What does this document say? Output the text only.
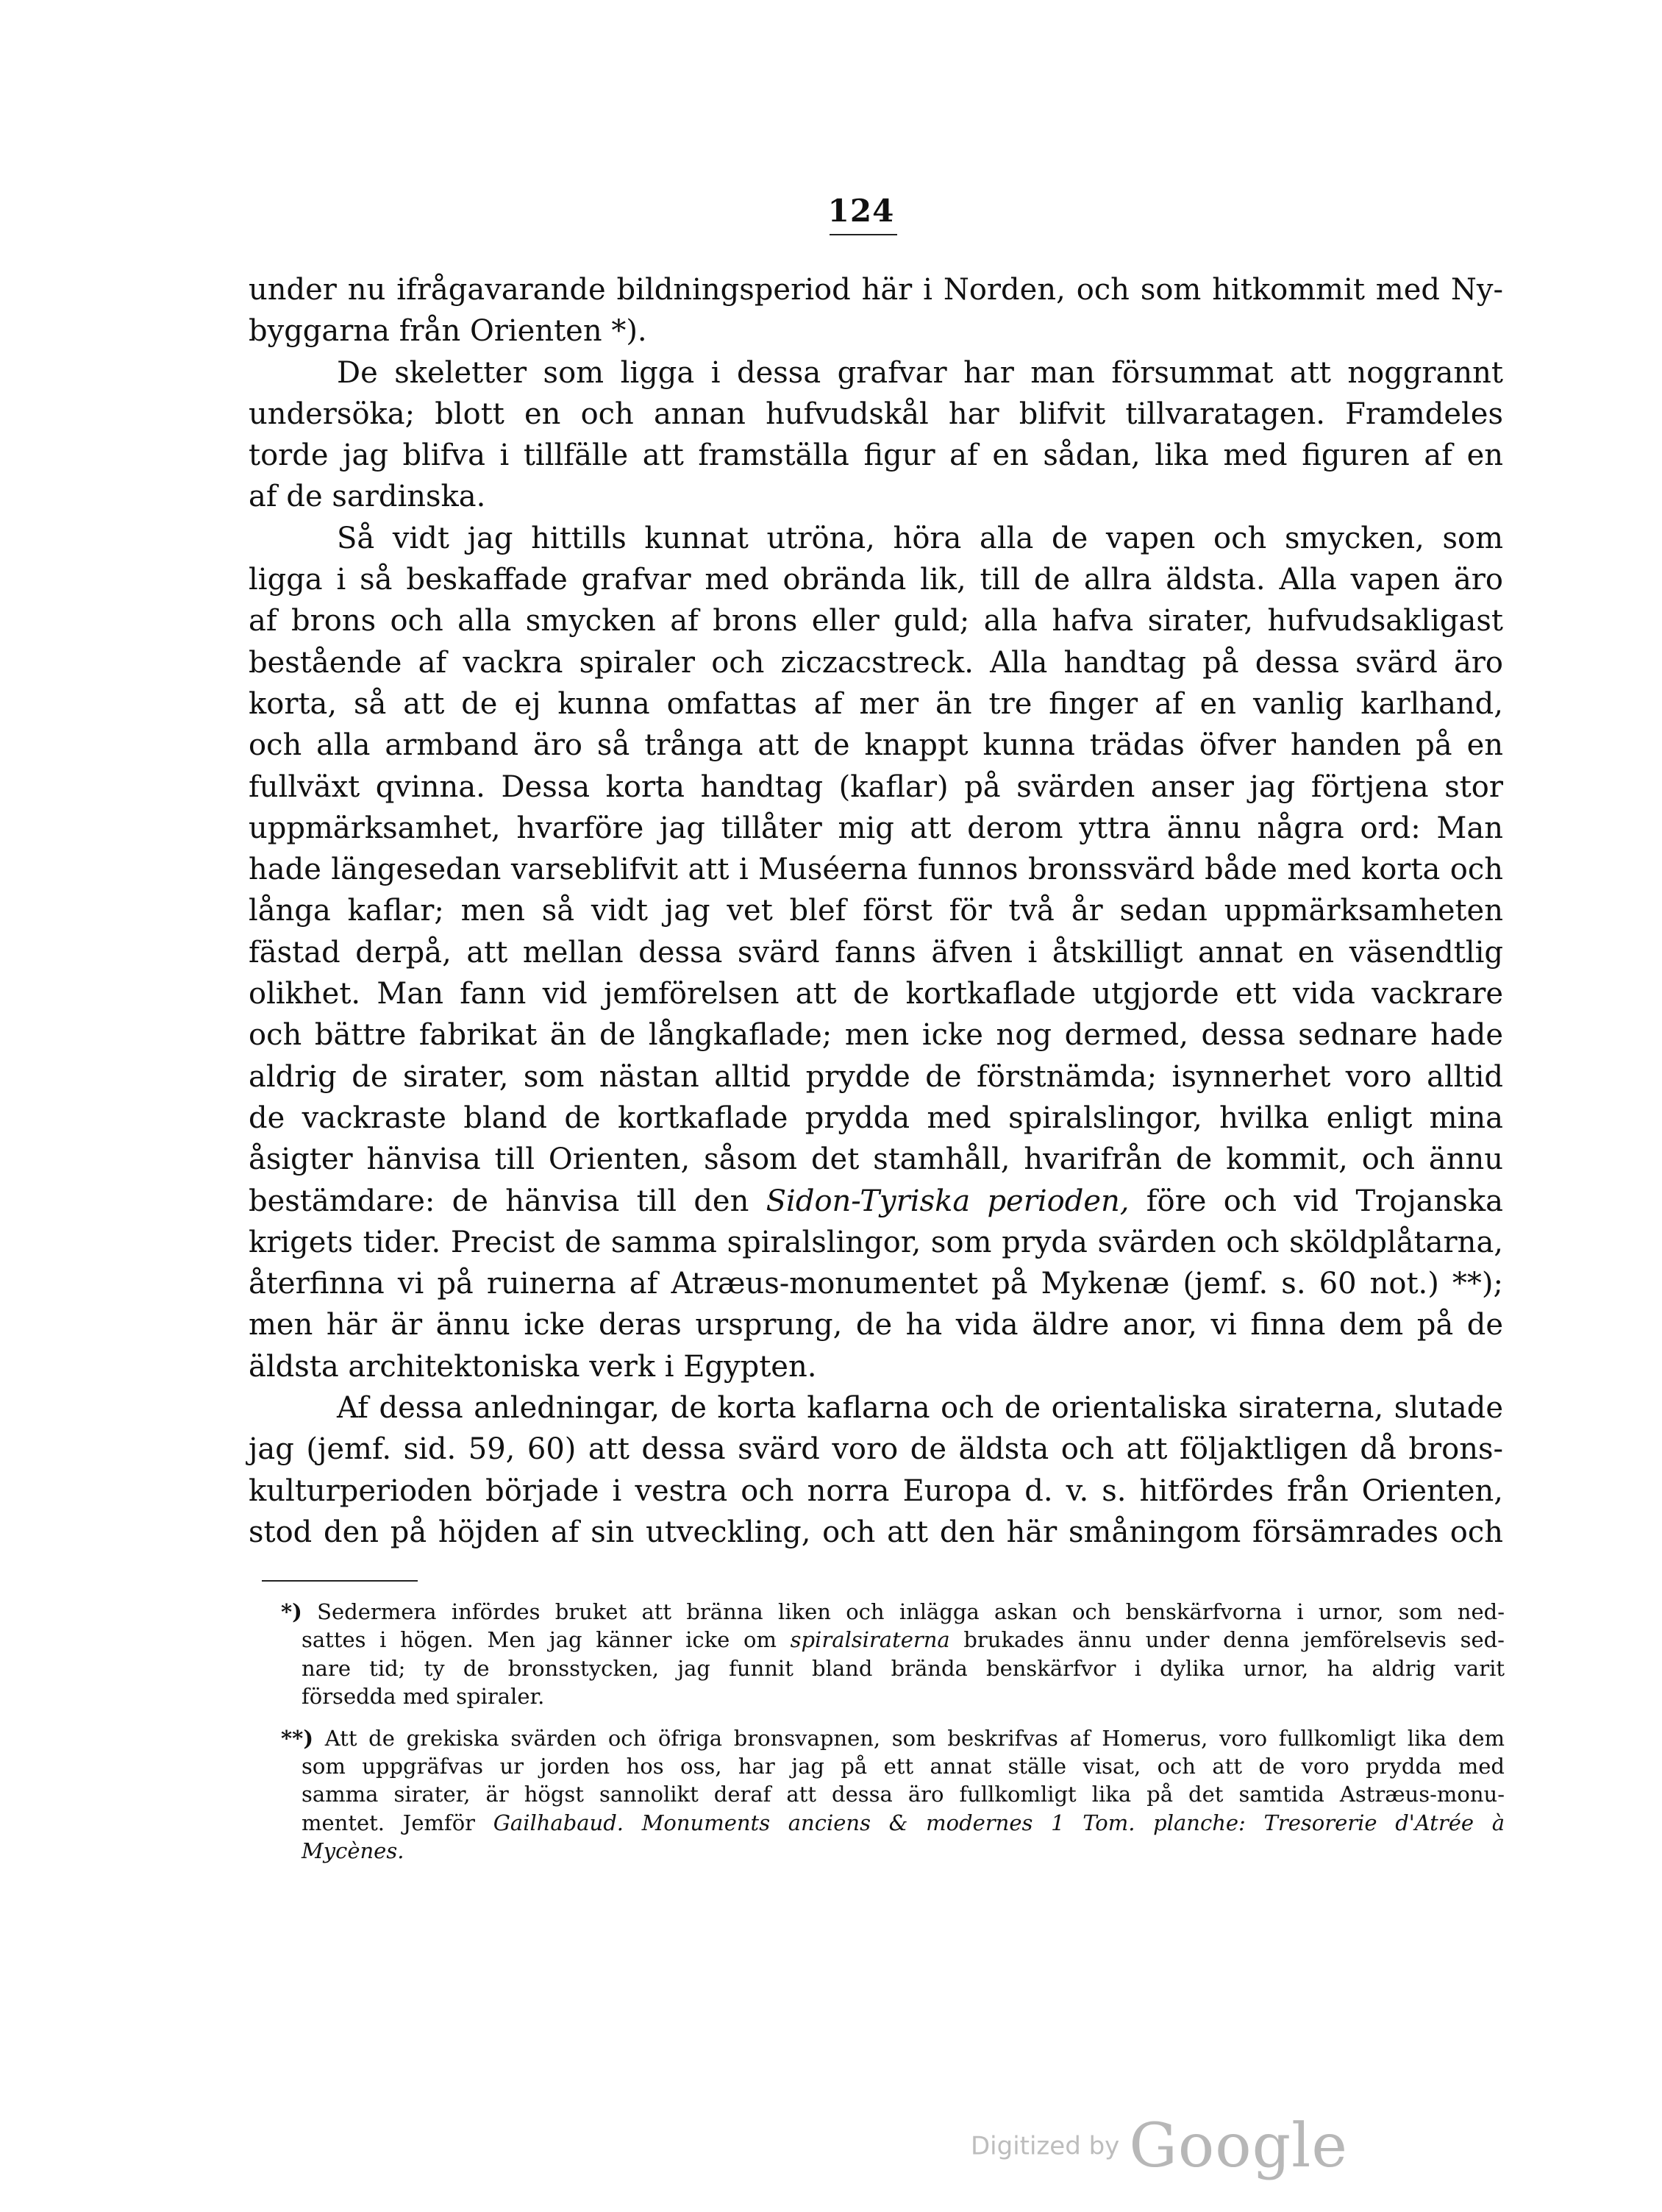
124

under nu ifrågavarande bildningsperiod här i Norden, och som hitkommit med Ny-
byggarna från Orienten *).

De skeletter som ligga i dessa grafvar har man försummat att noggrannt
undersöka; blott en och annan hufvudskål har blifvit tillvaratagen. Framdeles
torde jag blifva i tillfälle att framställa figur af en sådan, lika med figuren af en
af de sardinska.

Så vidt jag hittills kunnat utröna, höra alla de vapen och smycken, som
ligga i så beskaffade grafvar med obrända lik, till de allra äldsta. Alla vapen äro
af brons och alla smycken af brons eller guld; alla hafva sirater, hufvudsakligast
bestående af vackra spiraler och ziczacstreck. Alla handtag på dessa svärd äro
korta, så att de ej kunna omfattas af mer än tre finger af en vanlig karlhand,
och alla armband äro så trånga att de knappt kunna trädas öfver handen på en
fullväxt qvinna. Dessa korta handtag (kaflar) på svärden anser jag förtjena stor
uppmärksamhet, hvarföre jag tillåter mig att derom yttra ännu några ord: Man
hade längesedan varseblifvit att i Muséerna funnos bronssvärd både med korta och
långa kaflar; men så vidt jag vet blef först för två år sedan uppmärksamheten
fästad derpå, att mellan dessa svärd fanns äfven i åtskilligt annat en väsendtlig
olikhet. Man fann vid jemförelsen att de kortkaflade utgjorde ett vida vackrare
och bättre fabrikat än de långkaflade; men icke nog dermed, dessa sednare hade
aldrig de sirater, som nästan alltid prydde de förstnämda; isynnerhet voro alltid
de vackraste bland de kortkaflade prydda med spiralslingor, hvilka enligt mina
åsigter hänvisa till Orienten, såsom det stamhåll, hvarifrån de kommit, och ännu
bestämdare: de hänvisa till den Sidon-Tyriska perioden, före och vid Trojanska
krigets tider. Precist de samma spiralslingor, som pryda svärden och sköldplåtarna,
återfinna vi på ruinerna af Atræus-monumentet på Mykenæ (jemf. s. 60 not.) **);
men här är ännu icke deras ursprung, de ha vida äldre anor, vi finna dem på de
äldsta architektoniska verk i Egypten.

Af dessa anledningar, de korta kaflarna och de orientaliska siraterna, slutade
jag (jemf. sid. 59, 60) att dessa svärd voro de äldsta och att följaktligen då brons-
kulturperioden började i vestra och norra Europa d. v. s. hitfördes från Orienten,
stod den på höjden af sin utveckling, och att den här småningom försämrades och

*) Sedermera infördes bruket att bränna liken och inlägga askan och benskärfvorna i urnor, som ned-
sattes i högen. Men jag känner icke om spiralsiraterna brukades ännu under denna jemförelsevis sed-
nare tid; ty de bronsstycken, jag funnit bland brända benskärfvor i dylika urnor, ha aldrig varit
försedda med spiraler.
**) Att de grekiska svärden och öfriga bronsvapnen, som beskrifvas af Homerus, voro fullkomligt lika dem
som uppgräfvas ur jorden hos oss, har jag på ett annat ställe visat, och att de voro prydda med
samma sirater, är högst sannolikt deraf att dessa äro fullkomligt lika på det samtida Astræus-monu-
mentet. Jemför Gailhabaud. Monuments anciens & modernes 1 Tom. planche: Tresorerie d'Atrée à
Mycènes.
Digitized by Google
